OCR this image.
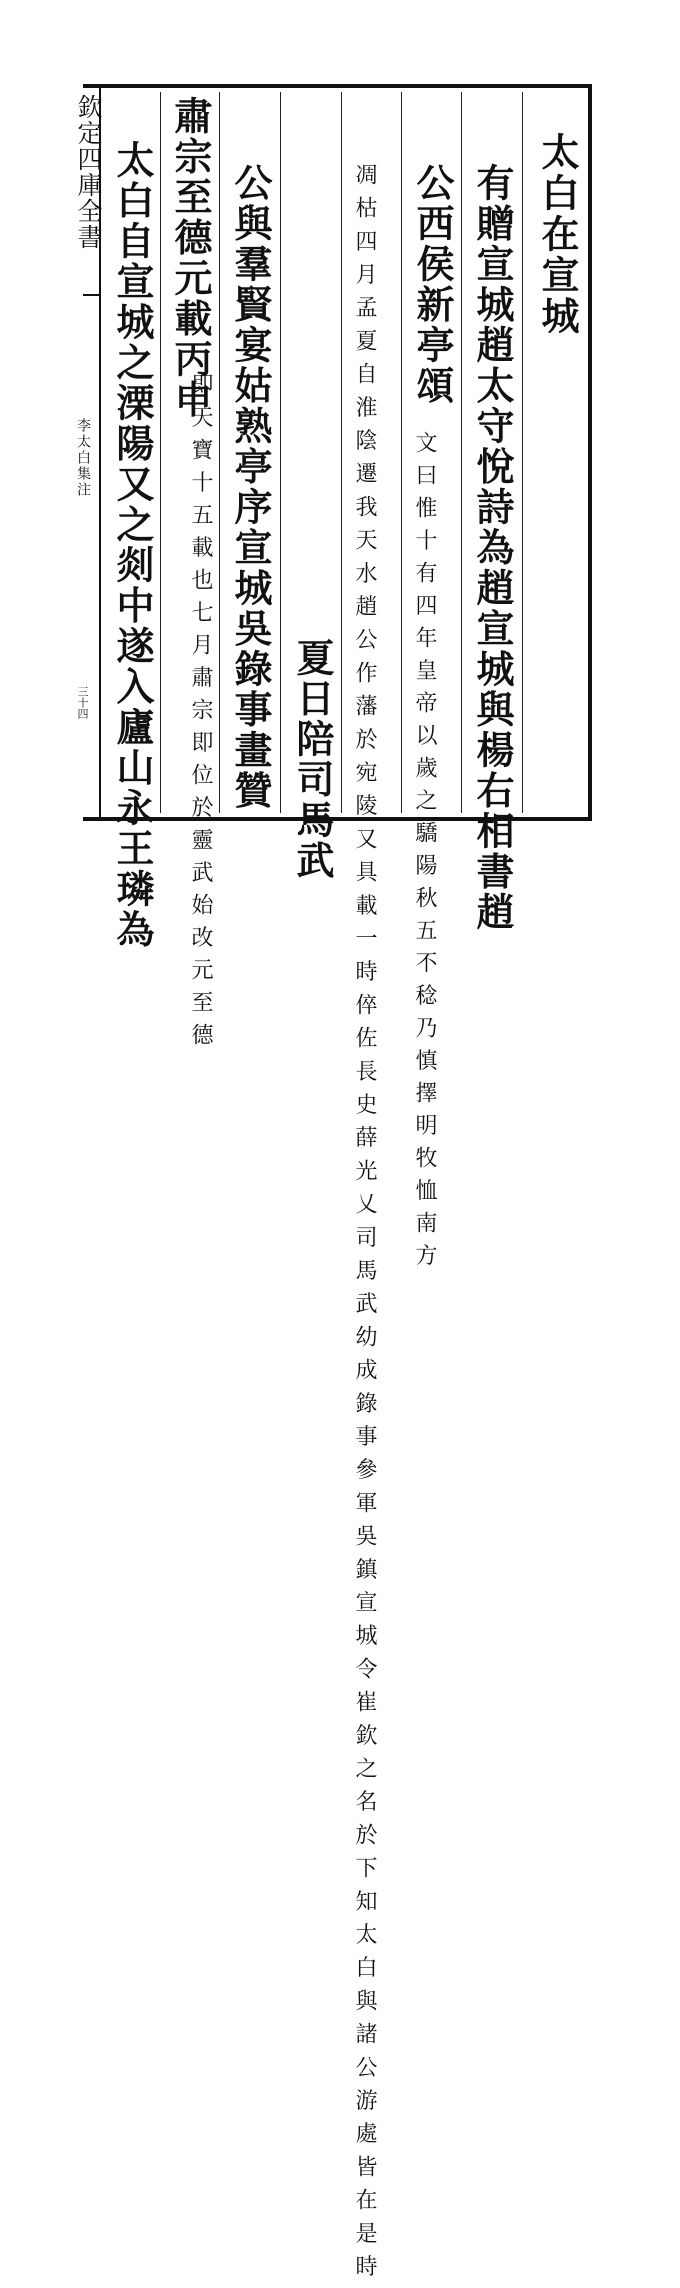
欽定四庫全書
李太白集注
三十四
太白在宣城
有贈宣城趙太守悅詩為趙宣城與楊右相書趙
公西侯新亭頌
文曰惟十有四年皇帝以歲之驕陽秋五不稔乃慎擇明牧恤南方
凋枯四月孟夏自淮陰遷我天水趙公作藩於宛陵又具載一時倅佐長史薛光乂司馬武幼成錄事參軍吳鎮宣城令崔欽之名於下知太白與諸公游處皆在是時
夏日陪司馬武
公與羣賢宴姑熟亭序宣城吳錄事畫贊
肅宗至德元載丙申
即天寶十五載也七月肅宗即位於靈武始改元至德
太白自宣城之溧陽又之剡中遂入廬山永王璘為
